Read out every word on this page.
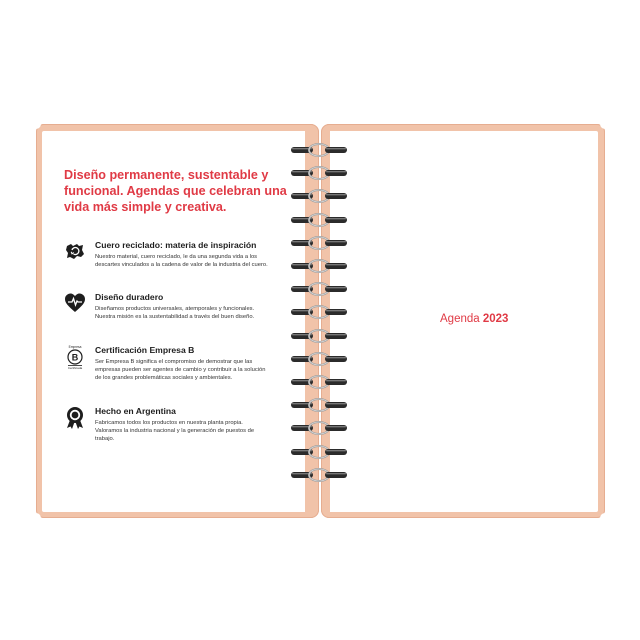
Diseño permanente, sustentable y funcional. Agendas que celebran una vida más simple y creativa.

Cuero reciclado: materia de inspiración
Nuestro material, cuero reciclado, le da una segunda vida a los descartes vinculados a la cadena de valor de la industria del cuero.
Diseño duradero
Diseñamos productos universales, atemporales y funcionales. Nuestra misión es la sustentabilidad a través del buen diseño.
Empresa
B
Certificada
Certificación Empresa B
Ser Empresa B significa el compromiso de demostrar que las empresas pueden ser agentes de cambio y contribuir a la solución de los grandes problemáticas sociales y ambientales.
Hecho en Argentina
Fabricamos todos los productos en nuestra planta propia. Valoramos la industria nacional y la generación de puestos de trabajo.
Agenda 2023
